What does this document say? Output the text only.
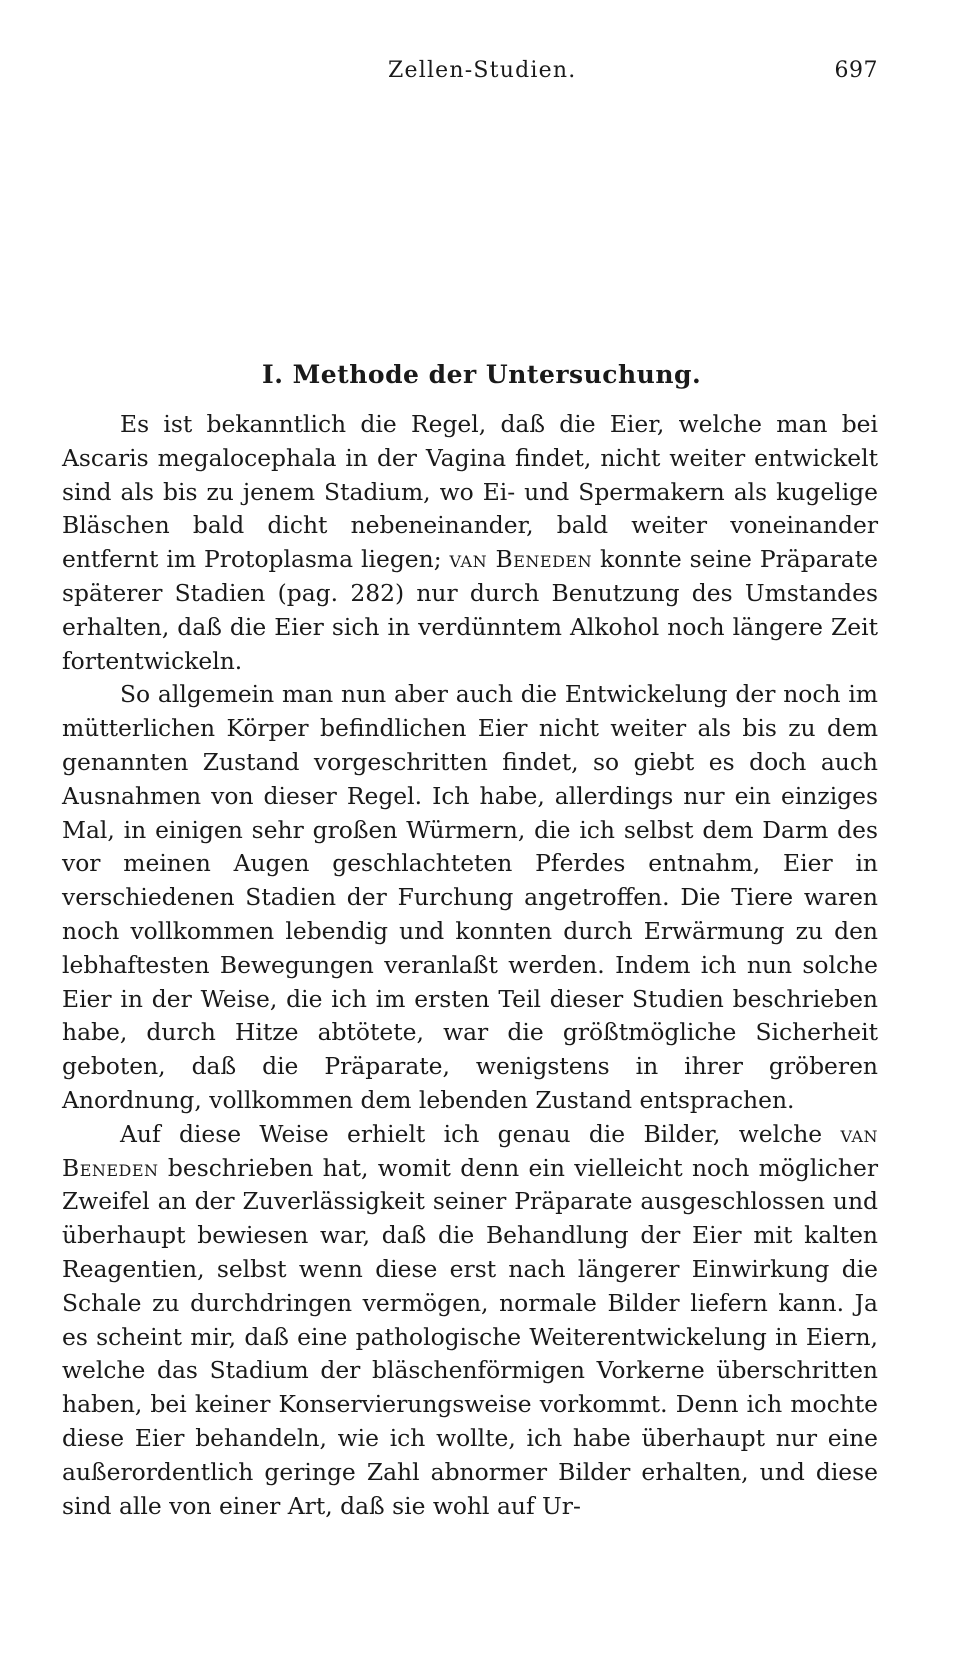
Zellen-Studien.	697
I. Methode der Untersuchung.

Es ist bekanntlich die Regel, daß die Eier, welche man bei Ascaris megalocephala in der Vagina findet, nicht weiter entwickelt sind als bis zu jenem Stadium, wo Ei- und Spermakern als kugelige Bläschen bald dicht nebeneinander, bald weiter voneinander entfernt im Protoplasma liegen; van Beneden konnte seine Präparate späterer Stadien (pag. 282) nur durch Benutzung des Umstandes erhalten, daß die Eier sich in verdünntem Alkohol noch längere Zeit fortentwickeln.

So allgemein man nun aber auch die Entwickelung der noch im mütterlichen Körper befindlichen Eier nicht weiter als bis zu dem genannten Zustand vorgeschritten findet, so giebt es doch auch Ausnahmen von dieser Regel. Ich habe, allerdings nur ein einziges Mal, in einigen sehr großen Würmern, die ich selbst dem Darm des vor meinen Augen geschlachteten Pferdes entnahm, Eier in verschiedenen Stadien der Furchung angetroffen. Die Tiere waren noch vollkommen lebendig und konnten durch Erwärmung zu den lebhaftesten Bewegungen veranlaßt werden. Indem ich nun solche Eier in der Weise, die ich im ersten Teil dieser Studien beschrieben habe, durch Hitze abtötete, war die größtmögliche Sicherheit geboten, daß die Präparate, wenigstens in ihrer gröberen Anordnung, vollkommen dem lebenden Zustand entsprachen.

Auf diese Weise erhielt ich genau die Bilder, welche van Beneden beschrieben hat, womit denn ein vielleicht noch möglicher Zweifel an der Zuverlässigkeit seiner Präparate ausgeschlossen und überhaupt bewiesen war, daß die Behandlung der Eier mit kalten Reagentien, selbst wenn diese erst nach längerer Einwirkung die Schale zu durchdringen vermögen, normale Bilder liefern kann. Ja es scheint mir, daß eine pathologische Weiterentwickelung in Eiern, welche das Stadium der bläschenförmigen Vorkerne überschritten haben, bei keiner Konservierungsweise vorkommt. Denn ich mochte diese Eier behandeln, wie ich wollte, ich habe überhaupt nur eine außerordentlich geringe Zahl abnormer Bilder erhalten, und diese sind alle von einer Art, daß sie wohl auf Ur-
